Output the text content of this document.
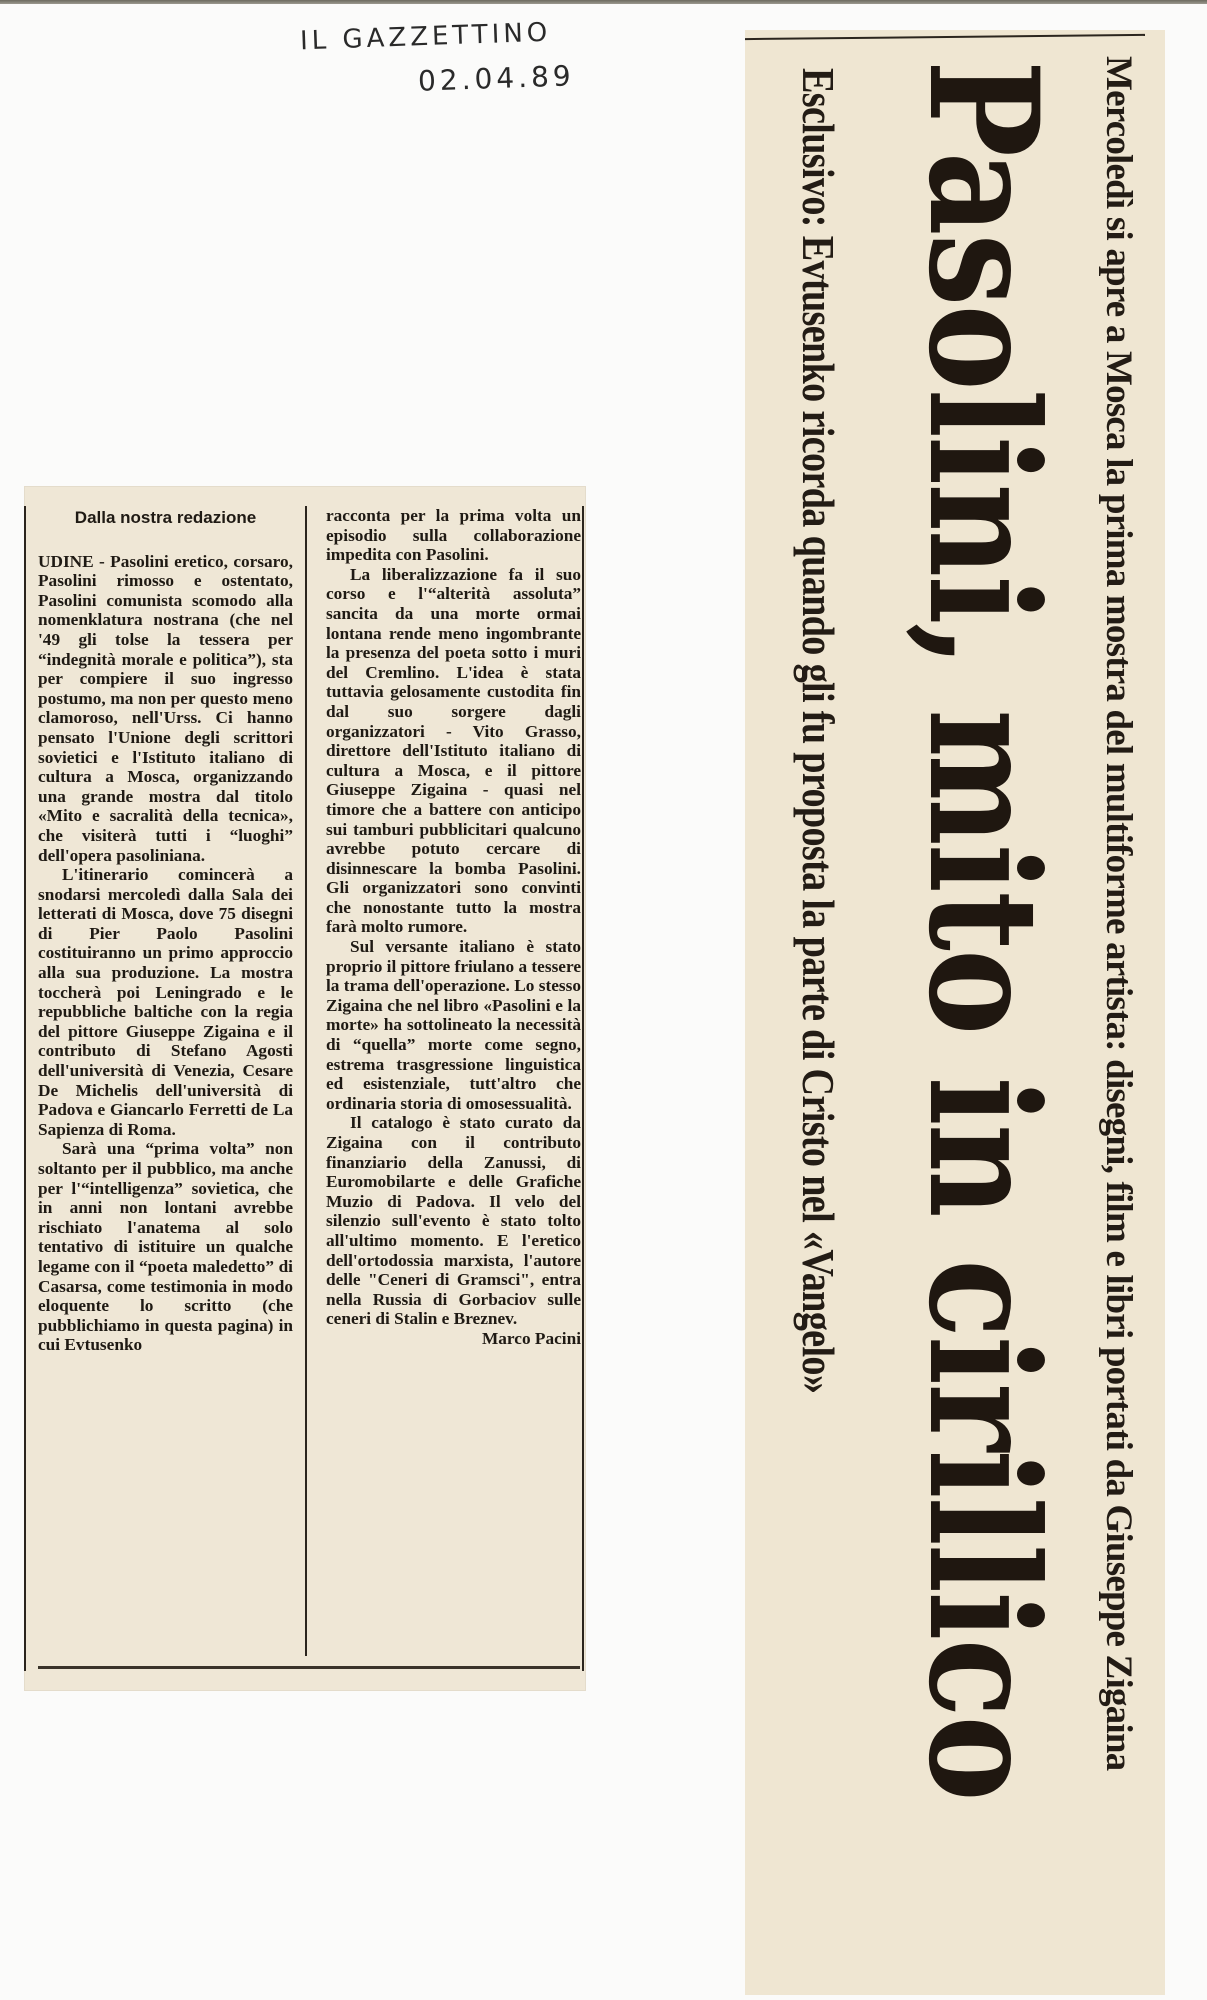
IL GAZZETTINO
02.04.89
Dalla nostra redazione

UDINE - Pasolini eretico, corsaro, Pasolini rimosso e ostentato, Pasolini comunista scomodo alla nomenklatura nostrana (che nel '49 gli tolse la tessera per “indegnità morale e politica”), sta per compiere il suo ingresso postumo, ma non per questo meno clamoroso, nell'Urss. Ci hanno pensato l'Unione degli scrittori sovietici e l'Istituto italiano di cultura a Mosca, organizzando una grande mostra dal titolo «Mito e sacralità della tecnica», che visiterà tutti i “luoghi” dell'opera pasoliniana.

L'itinerario comincerà a snodarsi mercoledì dalla Sala dei letterati di Mosca, dove 75 disegni di Pier Paolo Pasolini costituiranno un primo approccio alla sua produzione. La mostra toccherà poi Leningrado e le repubbliche baltiche con la regia del pittore Giuseppe Zigaina e il contributo di Stefano Agosti dell'università di Venezia, Cesare De Michelis dell'università di Padova e Giancarlo Ferretti de La Sapienza di Roma.

Sarà una “prima volta” non soltanto per il pubblico, ma anche per l'“intelligenza” sovietica, che in anni non lontani avrebbe rischiato l'anatema al solo tentativo di istituire un qualche legame con il “poeta maledetto” di Casarsa, come testimonia in modo eloquente lo scritto (che pubblichiamo in questa pagina) in cui Evtusenko

racconta per la prima volta un episodio sulla collaborazione impedita con Pasolini.

La liberalizzazione fa il suo corso e l'“alterità assoluta” sancita da una morte ormai lontana rende meno ingombrante la presenza del poeta sotto i muri del Cremlino. L'idea è stata tuttavia gelosamente custodita fin dal suo sorgere dagli organizzatori - Vito Grasso, direttore dell'Istituto italiano di cultura a Mosca, e il pittore Giuseppe Zigaina - quasi nel timore che a battere con anticipo sui tamburi pubblicitari qualcuno avrebbe potuto cercare di disinnescare la bomba Pasolini. Gli organizzatori sono convinti che nonostante tutto la mostra farà molto rumore.

Sul versante italiano è stato proprio il pittore friulano a tessere la trama dell'operazione. Lo stesso Zigaina che nel libro «Pasolini e la morte» ha sottolineato la necessità di “quella” morte come segno, estrema trasgressione linguistica ed esistenziale, tutt'altro che ordinaria storia di omosessualità.

Il catalogo è stato curato da Zigaina con il contributo finanziario della Zanussi, di Euromobilarte e delle Grafiche Muzio di Padova. Il velo del silenzio sull'evento è stato tolto all'ultimo momento. E l'eretico dell'ortodossia marxista, l'autore delle "Ceneri di Gramsci", entra nella Russia di Gorbaciov sulle ceneri di Stalin e Breznev.

Marco Pacini	Mercoledì si apre a Mosca la prima mostra del multiforme artista: disegni, film e libri portati da Giuseppe Zigaina
Pasolini, mito in cirillico
Esclusivo: Evtusenko ricorda quando gli fu proposta la parte di Cristo nel «Vangelo»
